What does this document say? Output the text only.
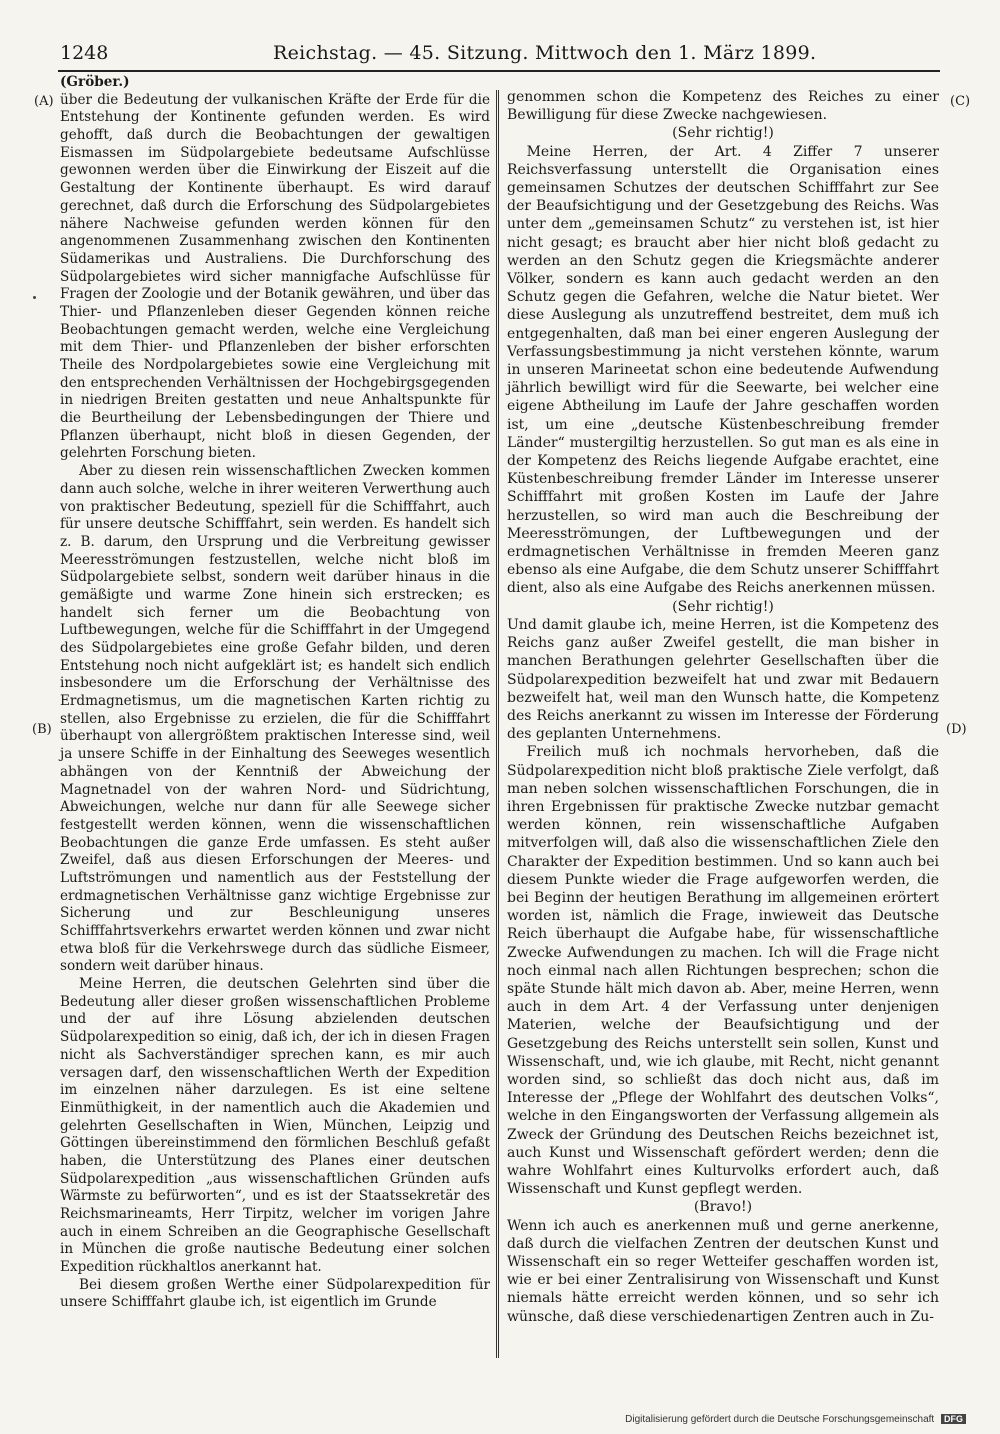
1248	Reichstag. — 45. Sitzung. Mittwoch den 1. März 1899.
(A)
(B)
(C)
(D)

(Gröber.)

über die Bedeutung der vulkanischen Kräfte der Erde für die Entstehung der Kontinente gefunden werden. Es wird gehofft, daß durch die Beobachtungen der gewaltigen Eismassen im Südpolargebiete bedeutsame Aufschlüsse gewonnen werden über die Einwirkung der Eiszeit auf die Gestaltung der Kontinente überhaupt. Es wird darauf gerechnet, daß durch die Erforschung des Südpolargebietes nähere Nachweise gefunden werden können für den angenommenen Zusammenhang zwischen den Kontinenten Südamerikas und Australiens. Die Durchforschung des Südpolargebietes wird sicher mannigfache Aufschlüsse für Fragen der Zoologie und der Botanik gewähren, und über das Thier- und Pflanzenleben dieser Gegenden können reiche Beobachtungen gemacht werden, welche eine Vergleichung mit dem Thier- und Pflanzenleben der bisher erforschten Theile des Nordpolargebietes sowie eine Vergleichung mit den entsprechenden Verhältnissen der Hochgebirgsgegenden in niedrigen Breiten gestatten und neue Anhaltspunkte für die Beurtheilung der Lebensbedingungen der Thiere und Pflanzen überhaupt, nicht bloß in diesen Gegenden, der gelehrten Forschung bieten.

Aber zu diesen rein wissenschaftlichen Zwecken kommen dann auch solche, welche in ihrer weiteren Verwerthung auch von praktischer Bedeutung, speziell für die Schifffahrt, auch für unsere deutsche Schifffahrt, sein werden. Es handelt sich z. B. darum, den Ursprung und die Verbreitung gewisser Meeresströmungen festzustellen, welche nicht bloß im Südpolargebiete selbst, sondern weit darüber hinaus in die gemäßigte und warme Zone hinein sich erstrecken; es handelt sich ferner um die Beobachtung von Luftbewegungen, welche für die Schifffahrt in der Umgegend des Südpolargebietes eine große Gefahr bilden, und deren Entstehung noch nicht aufgeklärt ist; es handelt sich endlich insbesondere um die Erforschung der Verhältnisse des Erdmagnetismus, um die magnetischen Karten richtig zu stellen, also Ergebnisse zu erzielen, die für die Schifffahrt überhaupt von allergrößtem praktischen Interesse sind, weil ja unsere Schiffe in der Einhaltung des Seeweges wesentlich abhängen von der Kenntniß der Abweichung der Magnetnadel von der wahren Nord- und Südrichtung, Abweichungen, welche nur dann für alle Seewege sicher festgestellt werden können, wenn die wissenschaftlichen Beobachtungen die ganze Erde umfassen. Es steht außer Zweifel, daß aus diesen Erforschungen der Meeres- und Luftströmungen und namentlich aus der Feststellung der erdmagnetischen Verhältnisse ganz wichtige Ergebnisse zur Sicherung und zur Beschleunigung unseres Schifffahrtsverkehrs erwartet werden können und zwar nicht etwa bloß für die Verkehrswege durch das südliche Eismeer, sondern weit darüber hinaus.

Meine Herren, die deutschen Gelehrten sind über die Bedeutung aller dieser großen wissenschaftlichen Probleme und der auf ihre Lösung abzielenden deutschen Südpolarexpedition so einig, daß ich, der ich in diesen Fragen nicht als Sachverständiger sprechen kann, es mir auch versagen darf, den wissenschaftlichen Werth der Expedition im einzelnen näher darzulegen. Es ist eine seltene Einmüthigkeit, in der namentlich auch die Akademien und gelehrten Gesellschaften in Wien, München, Leipzig und Göttingen übereinstimmend den förmlichen Beschluß gefaßt haben, die Unterstützung des Planes einer deutschen Südpolarexpedition „aus wissenschaftlichen Gründen aufs Wärmste zu befürworten“, und es ist der Staatssekretär des Reichsmarineamts, Herr Tirpitz, welcher im vorigen Jahre auch in einem Schreiben an die Geographische Gesellschaft in München die große nautische Bedeutung einer solchen Expedition rückhaltlos anerkannt hat.

Bei diesem großen Werthe einer Südpolarexpedition für unsere Schifffahrt glaube ich, ist eigentlich im Grunde

genommen schon die Kompetenz des Reiches zu einer Bewilligung für diese Zwecke nachgewiesen.

(Sehr richtig!)

Meine Herren, der Art. 4 Ziffer 7 unserer Reichsverfassung unterstellt die Organisation eines gemeinsamen Schutzes der deutschen Schifffahrt zur See der Beaufsichtigung und der Gesetzgebung des Reichs. Was unter dem „gemeinsamen Schutz“ zu verstehen ist, ist hier nicht gesagt; es braucht aber hier nicht bloß gedacht zu werden an den Schutz gegen die Kriegsmächte anderer Völker, sondern es kann auch gedacht werden an den Schutz gegen die Gefahren, welche die Natur bietet. Wer diese Auslegung als unzutreffend bestreitet, dem muß ich entgegenhalten, daß man bei einer engeren Auslegung der Verfassungsbestimmung ja nicht verstehen könnte, warum in unseren Marineetat schon eine bedeutende Aufwendung jährlich bewilligt wird für die Seewarte, bei welcher eine eigene Abtheilung im Laufe der Jahre geschaffen worden ist, um eine „deutsche Küstenbeschreibung fremder Länder“ mustergiltig herzustellen. So gut man es als eine in der Kompetenz des Reichs liegende Aufgabe erachtet, eine Küstenbeschreibung fremder Länder im Interesse unserer Schifffahrt mit großen Kosten im Laufe der Jahre herzustellen, so wird man auch die Beschreibung der Meeresströmungen, der Luftbewegungen und der erdmagnetischen Verhältnisse in fremden Meeren ganz ebenso als eine Aufgabe, die dem Schutz unserer Schifffahrt dient, also als eine Aufgabe des Reichs anerkennen müssen.

(Sehr richtig!)

Und damit glaube ich, meine Herren, ist die Kompetenz des Reichs ganz außer Zweifel gestellt, die man bisher in manchen Berathungen gelehrter Gesellschaften über die Südpolarexpedition bezweifelt hat und zwar mit Bedauern bezweifelt hat, weil man den Wunsch hatte, die Kompetenz des Reichs anerkannt zu wissen im Interesse der Förderung des geplanten Unternehmens.

Freilich muß ich nochmals hervorheben, daß die Südpolarexpedition nicht bloß praktische Ziele verfolgt, daß man neben solchen wissenschaftlichen Forschungen, die in ihren Ergebnissen für praktische Zwecke nutzbar gemacht werden können, rein wissenschaftliche Aufgaben mitverfolgen will, daß also die wissenschaftlichen Ziele den Charakter der Expedition bestimmen. Und so kann auch bei diesem Punkte wieder die Frage aufgeworfen werden, die bei Beginn der heutigen Berathung im allgemeinen erörtert worden ist, nämlich die Frage, inwieweit das Deutsche Reich überhaupt die Aufgabe habe, für wissenschaftliche Zwecke Aufwendungen zu machen. Ich will die Frage nicht noch einmal nach allen Richtungen besprechen; schon die späte Stunde hält mich davon ab. Aber, meine Herren, wenn auch in dem Art. 4 der Verfassung unter denjenigen Materien, welche der Beaufsichtigung und der Gesetzgebung des Reichs unterstellt sein sollen, Kunst und Wissenschaft, und, wie ich glaube, mit Recht, nicht genannt worden sind, so schließt das doch nicht aus, daß im Interesse der „Pflege der Wohlfahrt des deutschen Volks“, welche in den Eingangsworten der Verfassung allgemein als Zweck der Gründung des Deutschen Reichs bezeichnet ist, auch Kunst und Wissenschaft gefördert werden; denn die wahre Wohlfahrt eines Kulturvolks erfordert auch, daß Wissenschaft und Kunst gepflegt werden.

(Bravo!)

Wenn ich auch es anerkennen muß und gerne anerkenne, daß durch die vielfachen Zentren der deutschen Kunst und Wissenschaft ein so reger Wetteifer geschaffen worden ist, wie er bei einer Zentralisirung von Wissenschaft und Kunst niemals hätte erreicht werden können, und so sehr ich wünsche, daß diese verschiedenartigen Zentren auch in Zu-

Digitalisierung gefördert durch die Deutsche Forschungsgemeinschaft DFG
